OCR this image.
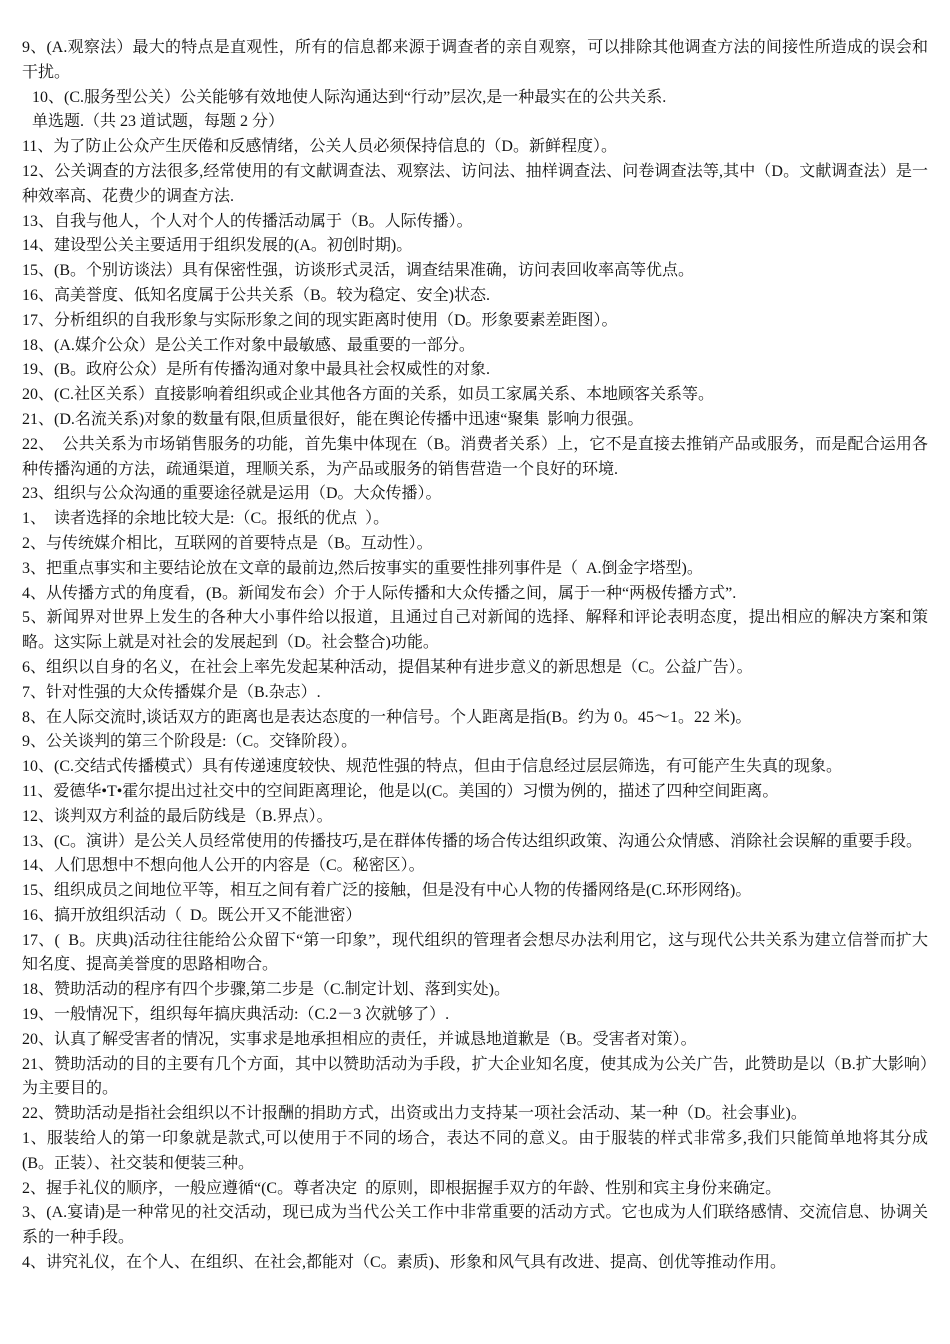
9、(A.观察法）最大的特点是直观性，所有的信息都来源于调查者的亲自观察，可以排除其他调查方法的间接性所造成的误会和干扰。

10、(C.服务型公关）公关能够有效地使人际沟通达到“行动”层次,是一种最实在的公共关系.

单选题.（共 23 道试题，每题 2 分）

11、为了防止公众产生厌倦和反感情绪，公关人员必须保持信息的（D。新鲜程度）。

12、公关调查的方法很多,经常使用的有文献调查法、观察法、访问法、抽样调查法、问卷调查法等,其中（D。文献调查法）是一种效率高、花费少的调查方法.

13、自我与他人，个人对个人的传播活动属于（B。人际传播）。

14、建设型公关主要适用于组织发展的(A。初创时期)。

15、(B。个别访谈法）具有保密性强，访谈形式灵活，调查结果准确，访问表回收率高等优点。

16、高美誉度、低知名度属于公共关系（B。较为稳定、安全)状态.

17、分析组织的自我形象与实际形象之间的现实距离时使用（D。形象要素差距图）。

18、(A.媒介公众）是公关工作对象中最敏感、最重要的一部分。

19、(B。政府公众）是所有传播沟通对象中最具社会权威性的对象.

20、(C.社区关系）直接影响着组织或企业其他各方面的关系，如员工家属关系、本地顾客关系等。

21、(D.名流关系)对象的数量有限,但质量很好，能在舆论传播中迅速“聚集  影响力很强。

22、  公共关系为市场销售服务的功能，首先集中体现在（B。消费者关系）上，它不是直接去推销产品或服务，而是配合运用各种传播沟通的方法，疏通渠道，理顺关系，为产品或服务的销售营造一个良好的环境.

23、组织与公众沟通的重要途径就是运用（D。大众传播）。

1、  读者选择的余地比较大是:（C。报纸的优点  ）。

2、与传统媒介相比，互联网的首要特点是（B。互动性）。

3、把重点事实和主要结论放在文章的最前边,然后按事实的重要性排列事件是（  A.倒金字塔型)。

4、从传播方式的角度看，(B。新闻发布会）介于人际传播和大众传播之间，属于一种“两极传播方式”.

5、新闻界对世界上发生的各种大小事件给以报道，且通过自己对新闻的选择、解释和评论表明态度，提出相应的解决方案和策略。这实际上就是对社会的发展起到（D。社会整合)功能。

6、组织以自身的名义，在社会上率先发起某种活动，提倡某种有进步意义的新思想是（C。公益广告）。

7、针对性强的大众传播媒介是（B.杂志）.

8、在人际交流时,谈话双方的距离也是表达态度的一种信号。个人距离是指(B。约为 0。45～1。22 米)。

9、公关谈判的第三个阶段是:（C。交锋阶段）。

10、(C.交结式传播模式）具有传递速度较快、规范性强的特点，但由于信息经过层层筛选，有可能产生失真的现象。

11、爱德华•T•霍尔提出过社交中的空间距离理论，他是以(C。美国的）习惯为例的，描述了四种空间距离。

12、谈判双方利益的最后防线是（B.界点）。

13、(C。演讲）是公关人员经常使用的传播技巧,是在群体传播的场合传达组织政策、沟通公众情感、消除社会误解的重要手段。

14、人们思想中不想向他人公开的内容是（C。秘密区）。

15、组织成员之间地位平等，相互之间有着广泛的接触，但是没有中心人物的传播网络是(C.环形网络)。

16、搞开放组织活动（  D。既公开又不能泄密）

17、(  B。庆典)活动往往能给公众留下“第一印象”，现代组织的管理者会想尽办法利用它，这与现代公共关系为建立信誉而扩大知名度、提高美誉度的思路相吻合。

18、赞助活动的程序有四个步骤,第二步是（C.制定计划、落到实处)。

19、一般情况下，组织每年搞庆典活动:（C.2－3 次就够了）.

20、认真了解受害者的情况，实事求是地承担相应的责任，并诚恳地道歉是（B。受害者对策）。

21、赞助活动的目的主要有几个方面，其中以赞助活动为手段，扩大企业知名度，使其成为公关广告，此赞助是以（B.扩大影响）为主要目的。

22、赞助活动是指社会组织以不计报酬的捐助方式，出资或出力支持某一项社会活动、某一种（D。社会事业)。

1、服装给人的第一印象就是款式,可以使用于不同的场合，表达不同的意义。由于服装的样式非常多,我们只能简单地将其分成(B。正装）、社交装和便装三种。

2、握手礼仪的顺序，一般应遵循“(C。尊者决定  的原则，即根据握手双方的年龄、性别和宾主身份来确定。

3、(A.宴请)是一种常见的社交活动，现已成为当代公关工作中非常重要的活动方式。它也成为人们联络感情、交流信息、协调关系的一种手段。

4、讲究礼仪，在个人、在组织、在社会,都能对（C。素质)、形象和风气具有改进、提高、创优等推动作用。
